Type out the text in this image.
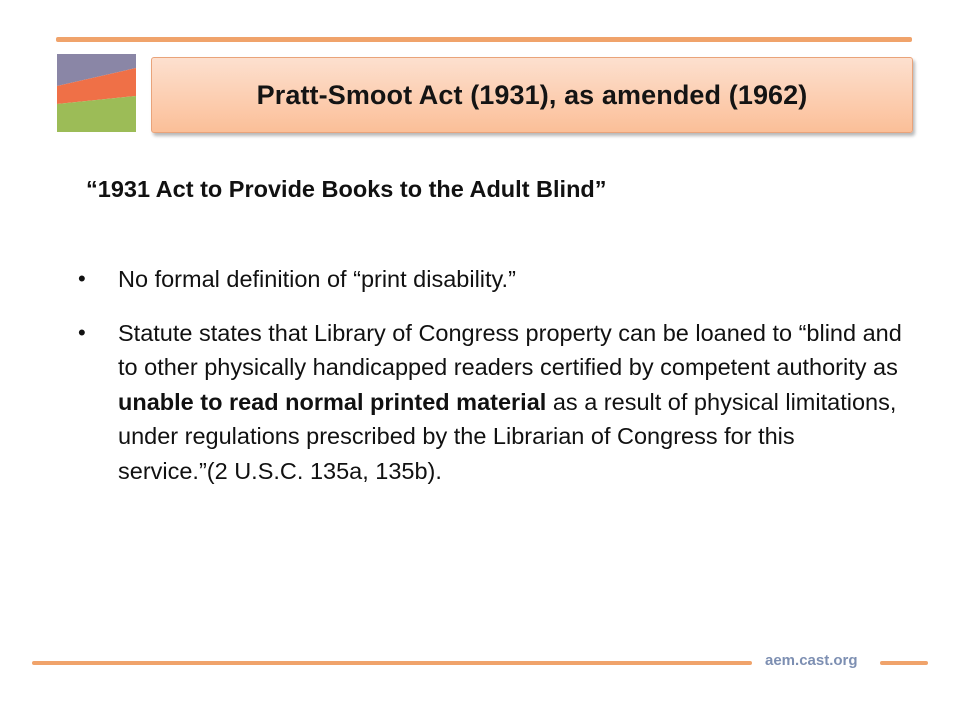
Pratt-Smoot Act (1931), as amended (1962)
“1931 Act to Provide Books to the Adult Blind”
•	No formal definition of “print disability.”
•	Statute states that Library of Congress property can be loaned to “blind and to other physically handicapped readers certified by competent authority as unable to read normal printed material as a result of physical limitations, under regulations prescribed by the Librarian of Congress for this service.”(2 U.S.C. 135a, 135b).
aem.cast.org
